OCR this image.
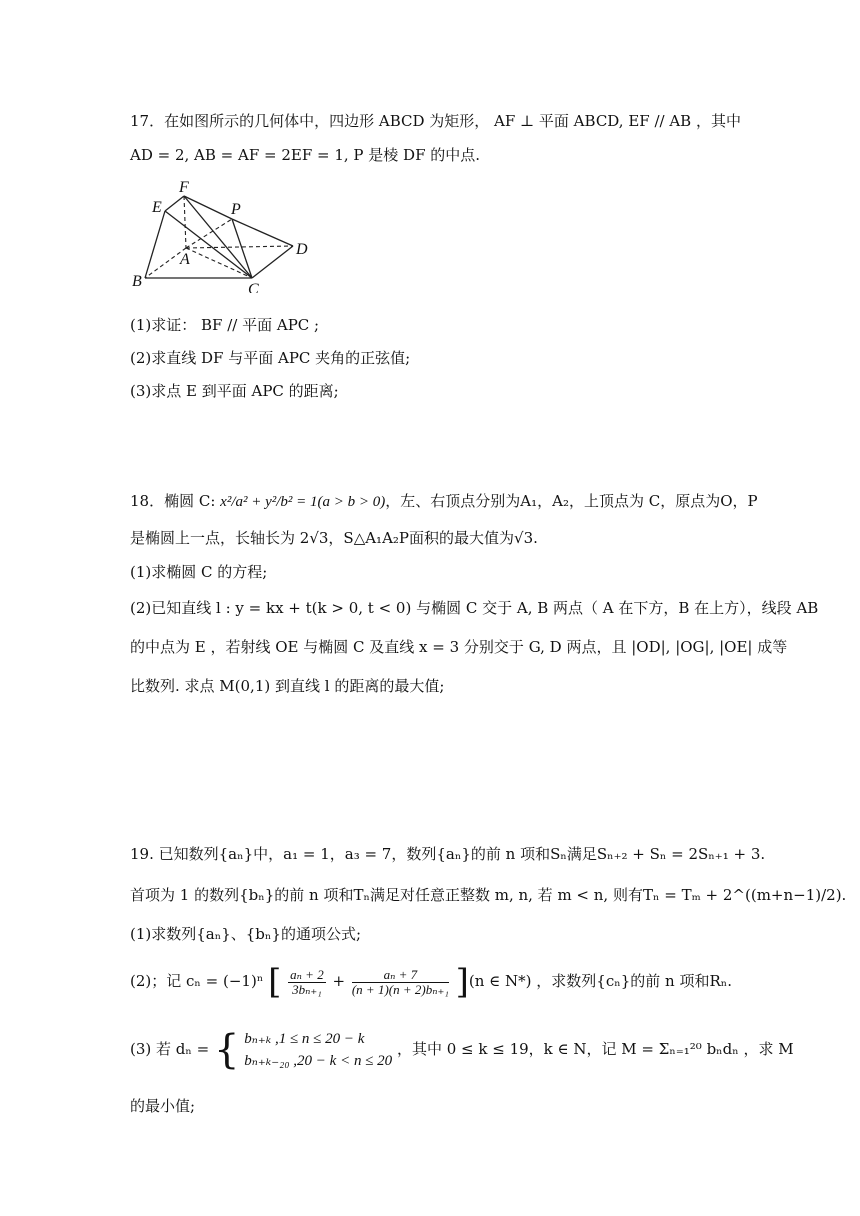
17．在如图所示的几何体中，四边形 ABCD 为矩形， AF ⊥ 平面 ABCD, EF // AB ，其中
AD = 2, AB = AF = 2EF = 1, P 是棱 DF 的中点.
F
E	P
A
D
B	C
(1)求证： BF // 平面 APC ;
(2)求直线 DF 与平面 APC 夹角的正弦值;
(3)求点 E 到平面 APC 的距离;
18．椭圆 C: x²/a² + y²/b² = 1(a > b > 0)，左、右顶点分别为A₁，A₂，上顶点为 C，原点为O，P
是椭圆上一点，长轴长为 2√3，S△A₁A₂P面积的最大值为√3.
(1)求椭圆 C 的方程;
(2)已知直线 l : y = kx + t(k > 0, t < 0) 与椭圆 C 交于 A, B 两点（ A 在下方，B 在上方），线段 AB
的中点为 E ，若射线 OE 与椭圆 C 及直线 x = 3 分别交于 G, D 两点，且 |OD|, |OG|, |OE| 成等
比数列. 求点 M(0,1) 到直线 l 的距离的最大值;
19. 已知数列{aₙ}中，a₁ = 1，a₃ = 7，数列{aₙ}的前 n 项和Sₙ满足Sₙ₊₂ + Sₙ = 2Sₙ₊₁ + 3.
首项为 1 的数列{bₙ}的前 n 项和Tₙ满足对任意正整数 m, n, 若 m < n, 则有Tₙ = Tₘ + 2^((m+n−1)/2).
(1)求数列{aₙ}、{bₙ}的通项公式;
(2)；记 cₙ = (−1)ⁿ [ $\frac{\text{aₙ + 2}}{\text{3bₙ₊₁}} + \frac{\text{aₙ + 7}}{\text{(n + 1)(n + 2)bₙ₊₁}} ](n$ ∈ N*) ，求数列{cₙ}的前 n 项和Rₙ.
(3) 若 dₙ = { bₙ₊ₖ ,1 ≤ n ≤ 20 − k
bₙ₊ₖ₋₂₀ ,20 − k < n ≤ 20
，其中 0 ≤ k ≤ 19，k ∈ N，记 M = Σₙ₌₁²⁰ bₙdₙ ，求 M
的最小值;
